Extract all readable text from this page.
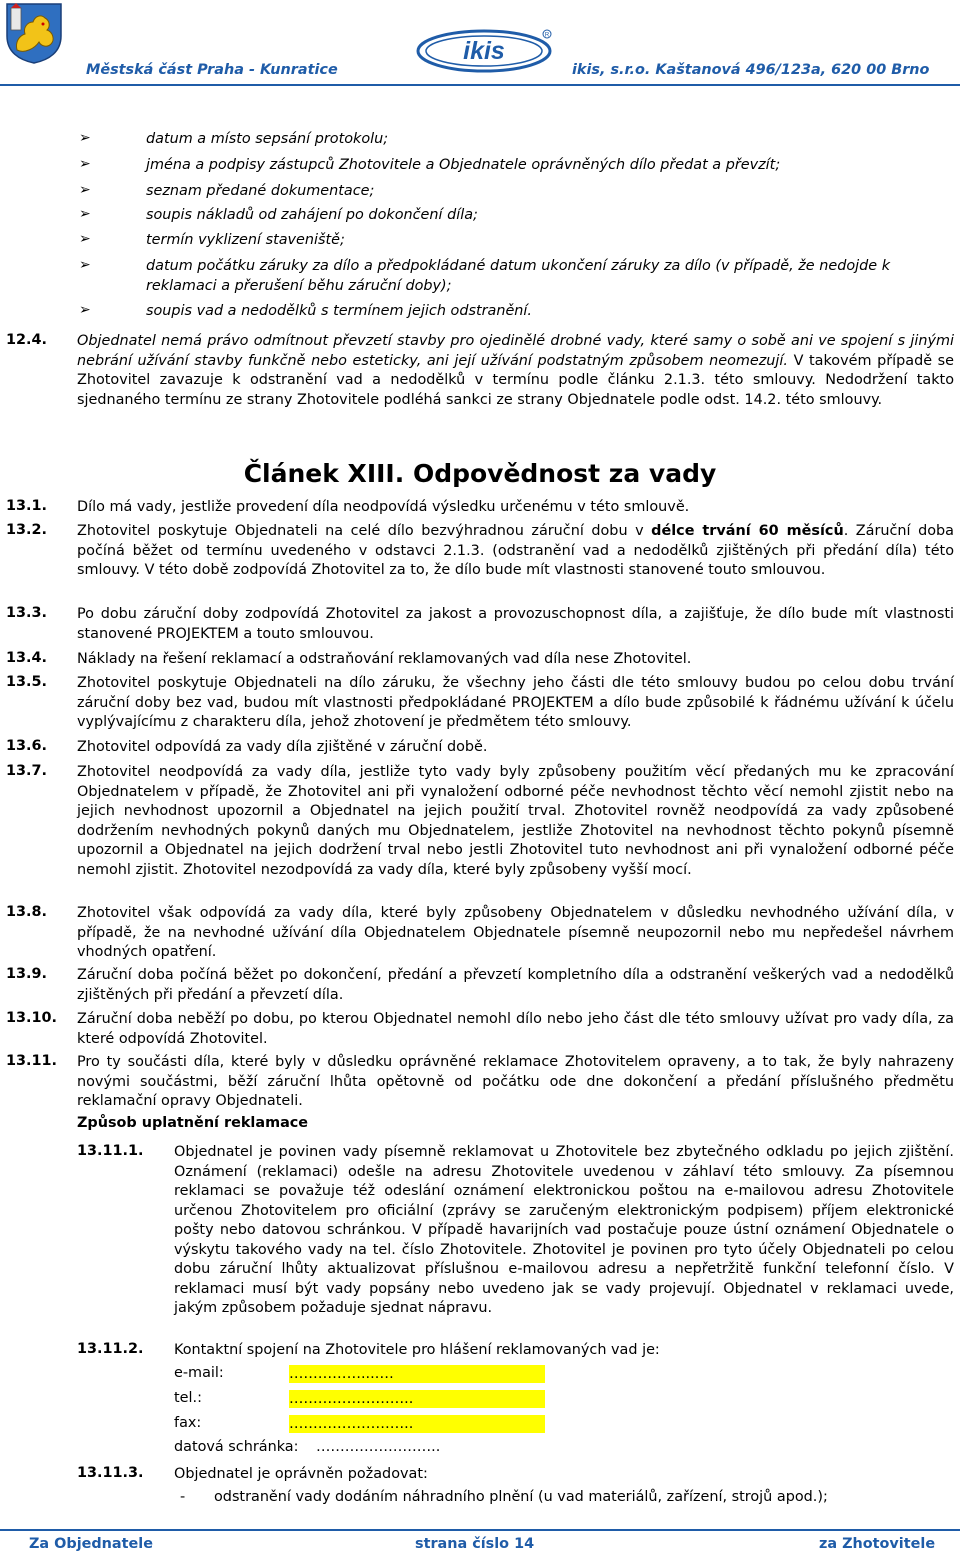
Městská část Praha - Kunratice
ikis
R
ikis, s.r.o. Kaštanová 496/123a, 620 00 Brno
➢	datum a místo sepsání protokolu;
➢	jména a podpisy zástupců Zhotovitele a Objednatele oprávněných dílo předat a převzít;
➢	seznam předané dokumentace;
➢	soupis nákladů od zahájení po dokončení díla;
➢	termín vyklizení staveniště;
➢	datum počátku záruky za dílo a předpokládané datum ukončení záruky za dílo (v případě, že nedojde k reklamaci a přerušení běhu záruční doby);
➢	soupis vad a nedodělků s termínem jejich odstranění.
12.4. Objednatel nemá právo odmítnout převzetí stavby pro ojedinělé drobné vady, které samy o sobě ani ve spojení s jinými nebrání užívání stavby funkčně nebo esteticky, ani její užívání podstatným způsobem neomezují. V takovém případě se Zhotovitel zavazuje k odstranění vad a nedodělků v termínu podle článku 2.1.3. této smlouvy. Nedodržení takto sjednaného termínu ze strany Zhotovitele podléhá sankci ze strany Objednatele podle odst. 14.2. této smlouvy.
Článek XIII. Odpovědnost za vady
13.1. Dílo má vady, jestliže provedení díla neodpovídá výsledku určenému v této smlouvě.
13.2. Zhotovitel poskytuje Objednateli na celé dílo bezvýhradnou záruční dobu v délce trvání 60 měsíců. Záruční doba počíná běžet od termínu uvedeného v odstavci 2.1.3. (odstranění vad a nedodělků zjištěných při předání díla) této smlouvy. V této době zodpovídá Zhotovitel za to, že dílo bude mít vlastnosti stanovené touto smlouvou.
13.3. Po dobu záruční doby zodpovídá Zhotovitel za jakost a provozuschopnost díla, a zajišťuje, že dílo bude mít vlastnosti stanovené PROJEKTEM a touto smlouvou.
13.4. Náklady na řešení reklamací a odstraňování reklamovaných vad díla nese Zhotovitel.
13.5. Zhotovitel poskytuje Objednateli na dílo záruku, že všechny jeho části dle této smlouvy budou po celou dobu trvání záruční doby bez vad, budou mít vlastnosti předpokládané PROJEKTEM a dílo bude způsobilé k řádnému užívání k účelu vyplývajícímu z charakteru díla, jehož zhotovení je předmětem této smlouvy.
13.6. Zhotovitel odpovídá za vady díla zjištěné v záruční době.
13.7. Zhotovitel neodpovídá za vady díla, jestliže tyto vady byly způsobeny použitím věcí předaných mu ke zpracování Objednatelem v případě, že Zhotovitel ani při vynaložení odborné péče nevhodnost těchto věcí nemohl zjistit nebo na jejich nevhodnost upozornil a Objednatel na jejich použití trval. Zhotovitel rovněž neodpovídá za vady způsobené dodržením nevhodných pokynů daných mu Objednatelem, jestliže Zhotovitel na nevhodnost těchto pokynů písemně upozornil a Objednatel na jejich dodržení trval nebo jestli Zhotovitel tuto nevhodnost ani při vynaložení odborné péče nemohl zjistit. Zhotovitel nezodpovídá za vady díla, které byly způsobeny vyšší mocí.
13.8. Zhotovitel však odpovídá za vady díla, které byly způsobeny Objednatelem v důsledku nevhodného užívání díla, v případě, že na nevhodné užívání díla Objednatelem Objednatele písemně neupozornil nebo mu nepředešel návrhem vhodných opatření.
13.9. Záruční doba počíná běžet po dokončení, předání a převzetí kompletního díla a odstranění veškerých vad a nedodělků zjištěných při předání a převzetí díla.
13.10. Záruční doba neběží po dobu, po kterou Objednatel nemohl dílo nebo jeho část dle této smlouvy užívat pro vady díla, za které odpovídá Zhotovitel.
13.11. Pro ty součásti díla, které byly v důsledku oprávněné reklamace Zhotovitelem opraveny, a to tak, že byly nahrazeny novými součástmi, běží záruční lhůta opětovně od počátku ode dne dokončení a předání příslušného předmětu reklamační opravy Objednateli.
Způsob uplatnění reklamace
13.11.1. Objednatel je povinen vady písemně reklamovat u Zhotovitele bez zbytečného odkladu po jejich zjištění. Oznámení (reklamaci) odešle na adresu Zhotovitele uvedenou v záhlaví této smlouvy. Za písemnou reklamaci se považuje též odeslání oznámení elektronickou poštou na e-mailovou adresu Zhotovitele určenou Zhotovitelem pro oficiální (zprávy se zaručeným elektronickým podpisem) příjem elektronické pošty nebo datovou schránkou. V případě havarijních vad postačuje pouze ústní oznámení Objednatele o výskytu takového vady na tel. číslo Zhotovitele. Zhotovitel je povinen pro tyto účely Objednateli po celou dobu záruční lhůty aktualizovat příslušnou e-mailovou adresu a nepřetržitě funkční telefonní číslo. V reklamaci musí být vady popsány nebo uvedeno jak se vady projevují. Objednatel v reklamaci uvede, jakým způsobem požaduje sjednat nápravu.
13.11.2. Kontaktní spojení na Zhotovitele pro hlášení reklamovaných vad je:
e-mail:	……………...….
tel.:	……………………..
fax:	……………………..
datová schránka: ……………………..
13.11.3. Objednatel je oprávněn požadovat:
- odstranění vady dodáním náhradního plnění (u vad materiálů, zařízení, strojů apod.);
Za Objednatele	strana číslo 14	za Zhotovitele
